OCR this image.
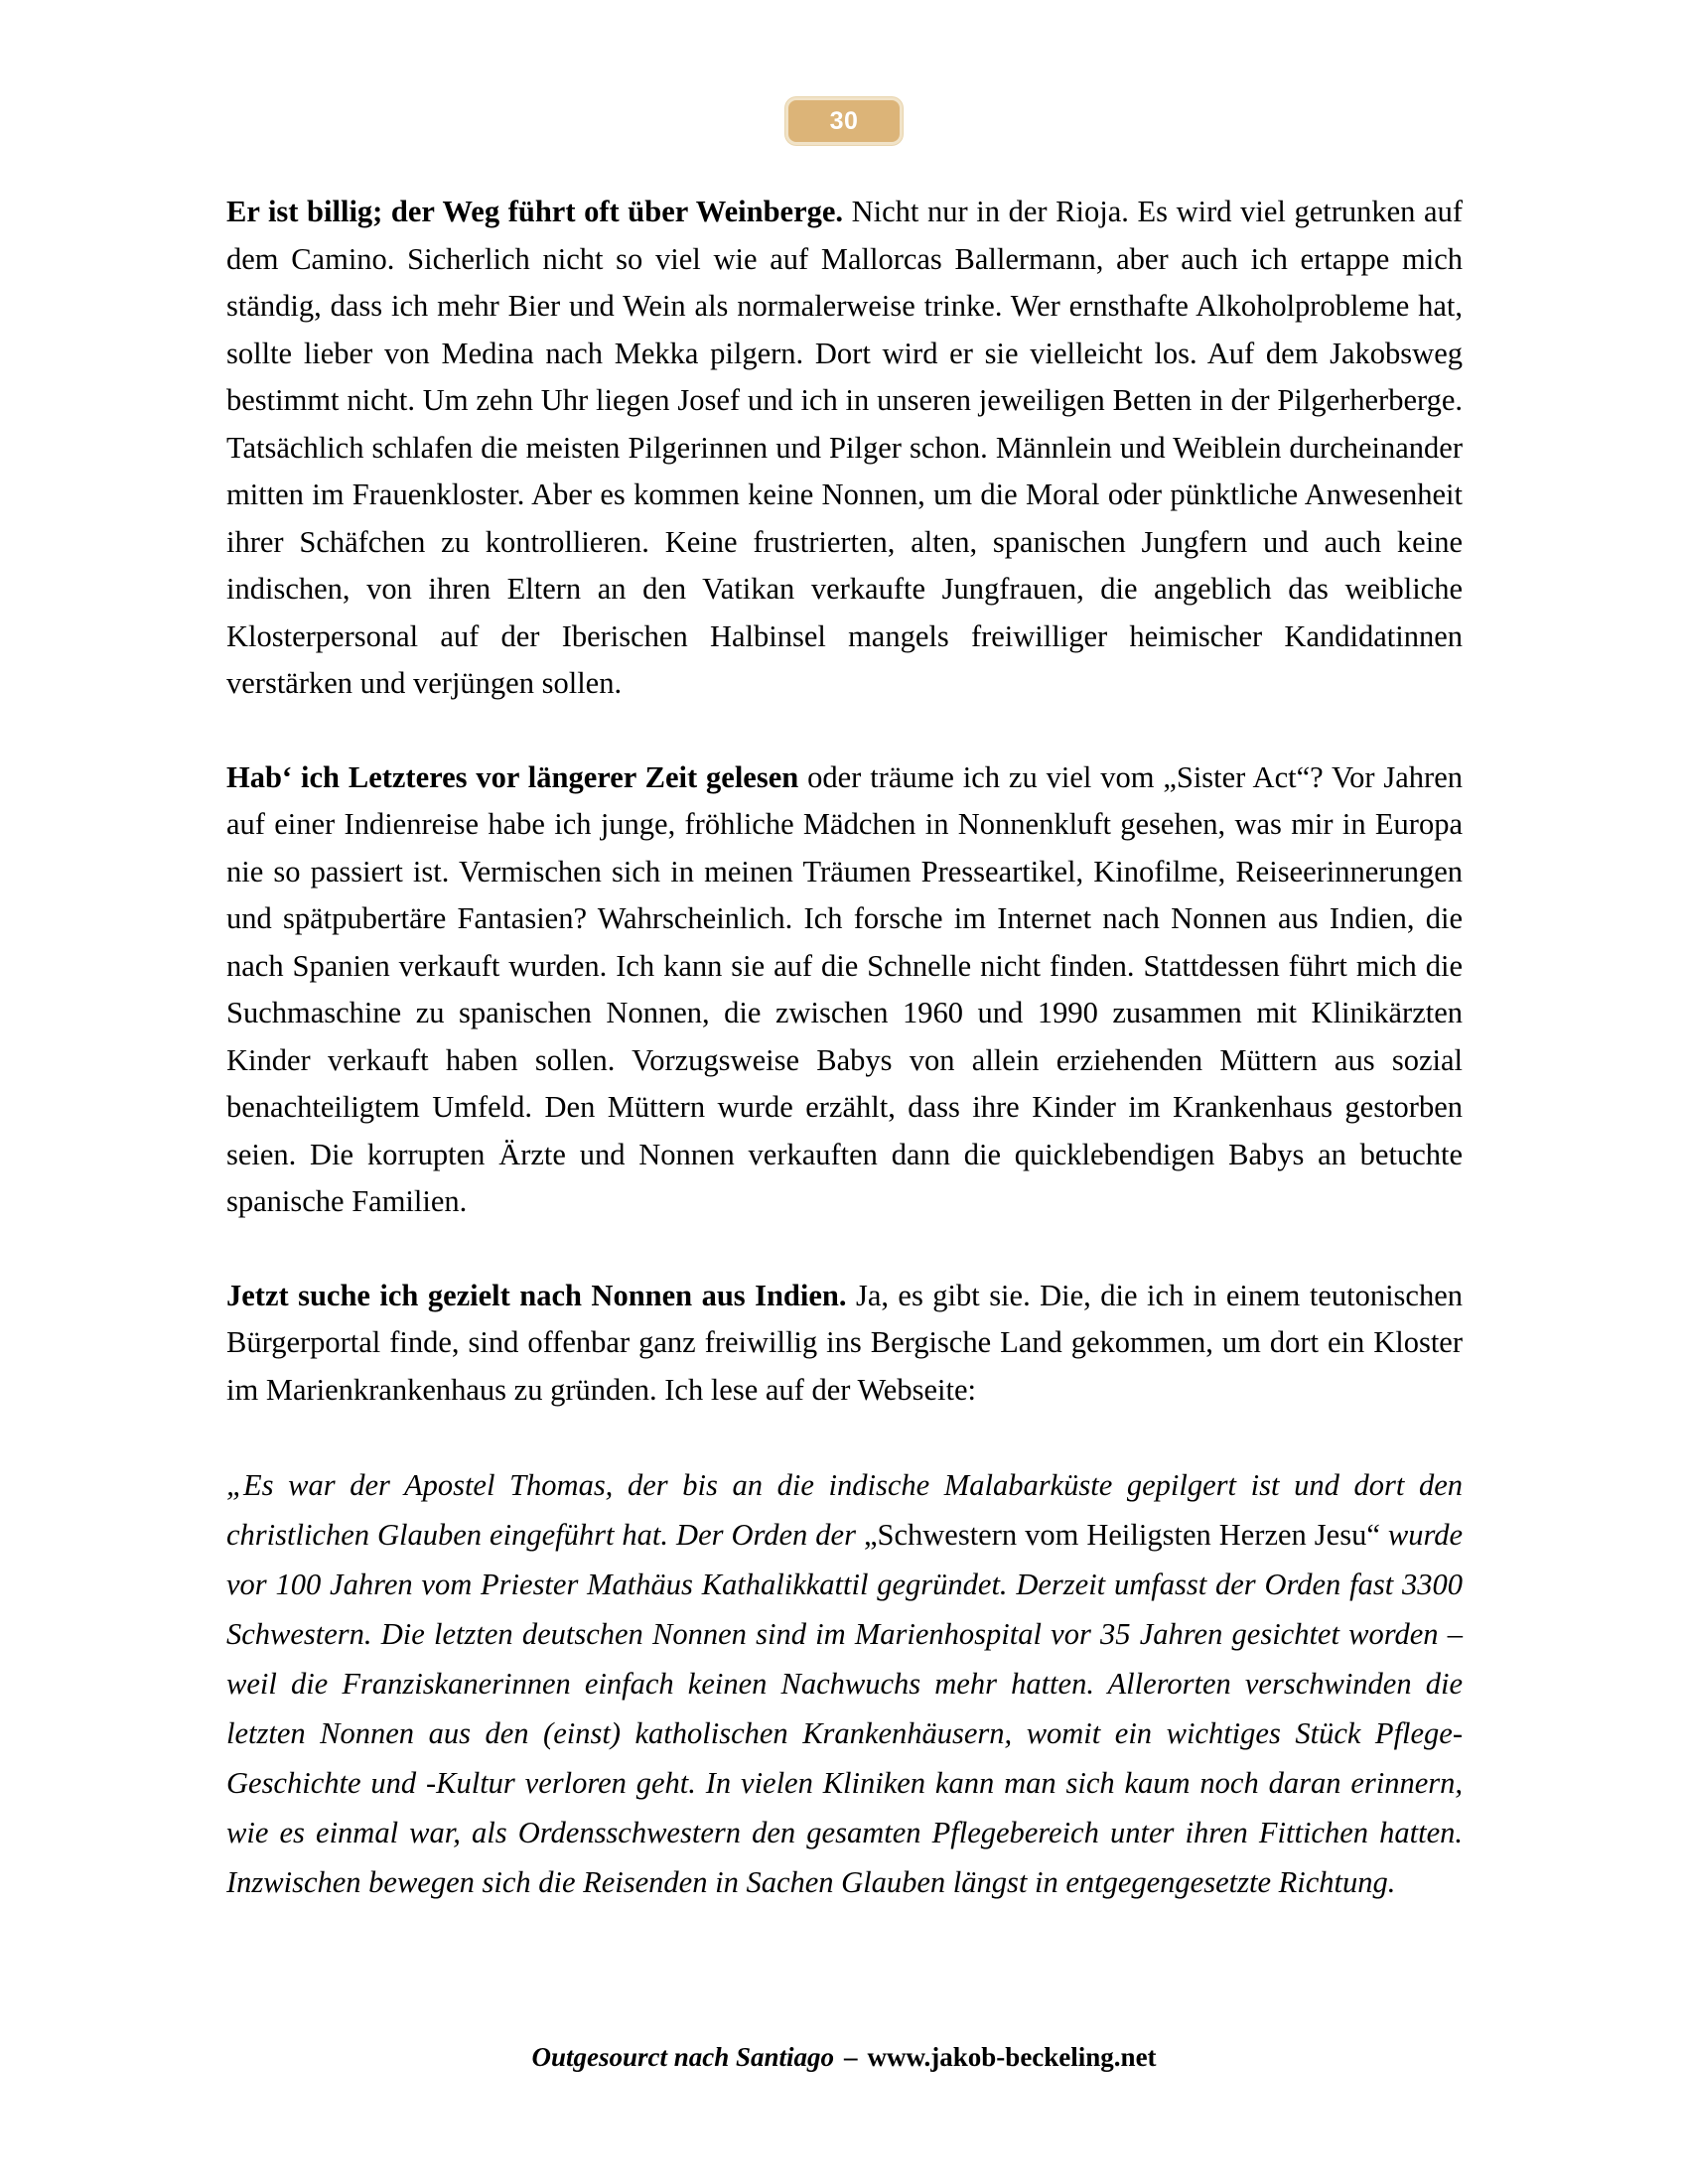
30

Er ist billig; der Weg führt oft über Weinberge. Nicht nur in der Rioja. Es wird viel getrunken auf dem Camino. Sicherlich nicht so viel wie auf Mallorcas Ballermann, aber auch ich ertappe mich ständig, dass ich mehr Bier und Wein als normalerweise trinke. Wer ernsthafte Alkoholprobleme hat, sollte lieber von Medina nach Mekka pilgern. Dort wird er sie vielleicht los. Auf dem Jakobsweg bestimmt nicht. Um zehn Uhr liegen Josef und ich in unseren jeweiligen Betten in der Pilgerherberge. Tatsächlich schlafen die meisten Pilgerinnen und Pilger schon. Männlein und Weiblein durcheinander mitten im Frauenkloster. Aber es kommen keine Nonnen, um die Moral oder pünktliche Anwesenheit ihrer Schäfchen zu kontrollieren. Keine frustrierten, alten, spanischen Jungfern und auch keine indischen, von ihren Eltern an den Vatikan verkaufte Jungfrauen, die angeblich das weibliche Klosterpersonal auf der Iberischen Halbinsel mangels freiwilliger heimischer Kandidatinnen verstärken und verjüngen sollen.

Hab‘ ich Letzteres vor längerer Zeit gelesen oder träume ich zu viel vom „Sister Act“? Vor Jahren auf einer Indienreise habe ich junge, fröhliche Mädchen in Nonnenkluft gesehen, was mir in Europa nie so passiert ist. Vermischen sich in meinen Träumen Presseartikel, Kinofilme, Reiseerinnerungen und spätpubertäre Fantasien? Wahrscheinlich. Ich forsche im Internet nach Nonnen aus Indien, die nach Spanien verkauft wurden. Ich kann sie auf die Schnelle nicht finden. Stattdessen führt mich die Suchmaschine zu spanischen Nonnen, die zwischen 1960 und 1990 zusammen mit Klinikärzten Kinder verkauft haben sollen. Vorzugsweise Babys von allein erziehenden Müttern aus sozial benachteiligtem Umfeld. Den Müttern wurde erzählt, dass ihre Kinder im Krankenhaus gestorben seien. Die korrupten Ärzte und Nonnen verkauften dann die quicklebendigen Babys an betuchte spanische Familien.

Jetzt suche ich gezielt nach Nonnen aus Indien. Ja, es gibt sie. Die, die ich in einem teutonischen Bürgerportal finde, sind offenbar ganz freiwillig ins Bergische Land gekommen, um dort ein Kloster im Marienkrankenhaus zu gründen. Ich lese auf der Webseite:

„Es war der Apostel Thomas, der bis an die indische Malabarküste gepilgert ist und dort den christlichen Glauben eingeführt hat. Der Orden der „Schwestern vom Heiligsten Herzen Jesu“ wurde vor 100 Jahren vom Priester Mathäus Kathalikkattil gegründet. Derzeit umfasst der Orden fast 3300 Schwestern. Die letzten deutschen Nonnen sind im Marienhospital vor 35 Jahren gesichtet worden – weil die Franziskanerinnen einfach keinen Nachwuchs mehr hatten. Allerorten verschwinden die letzten Nonnen aus den (einst) katholischen Krankenhäusern, womit ein wichtiges Stück Pflege-Geschichte und -Kultur verloren geht. In vielen Kliniken kann man sich kaum noch daran erinnern, wie es einmal war, als Ordensschwestern den gesamten Pflegebereich unter ihren Fittichen hatten. Inzwischen bewegen sich die Reisenden in Sachen Glauben längst in entgegengesetzte Richtung.

Outgesourct nach Santiago – www.jakob-beckeling.net
